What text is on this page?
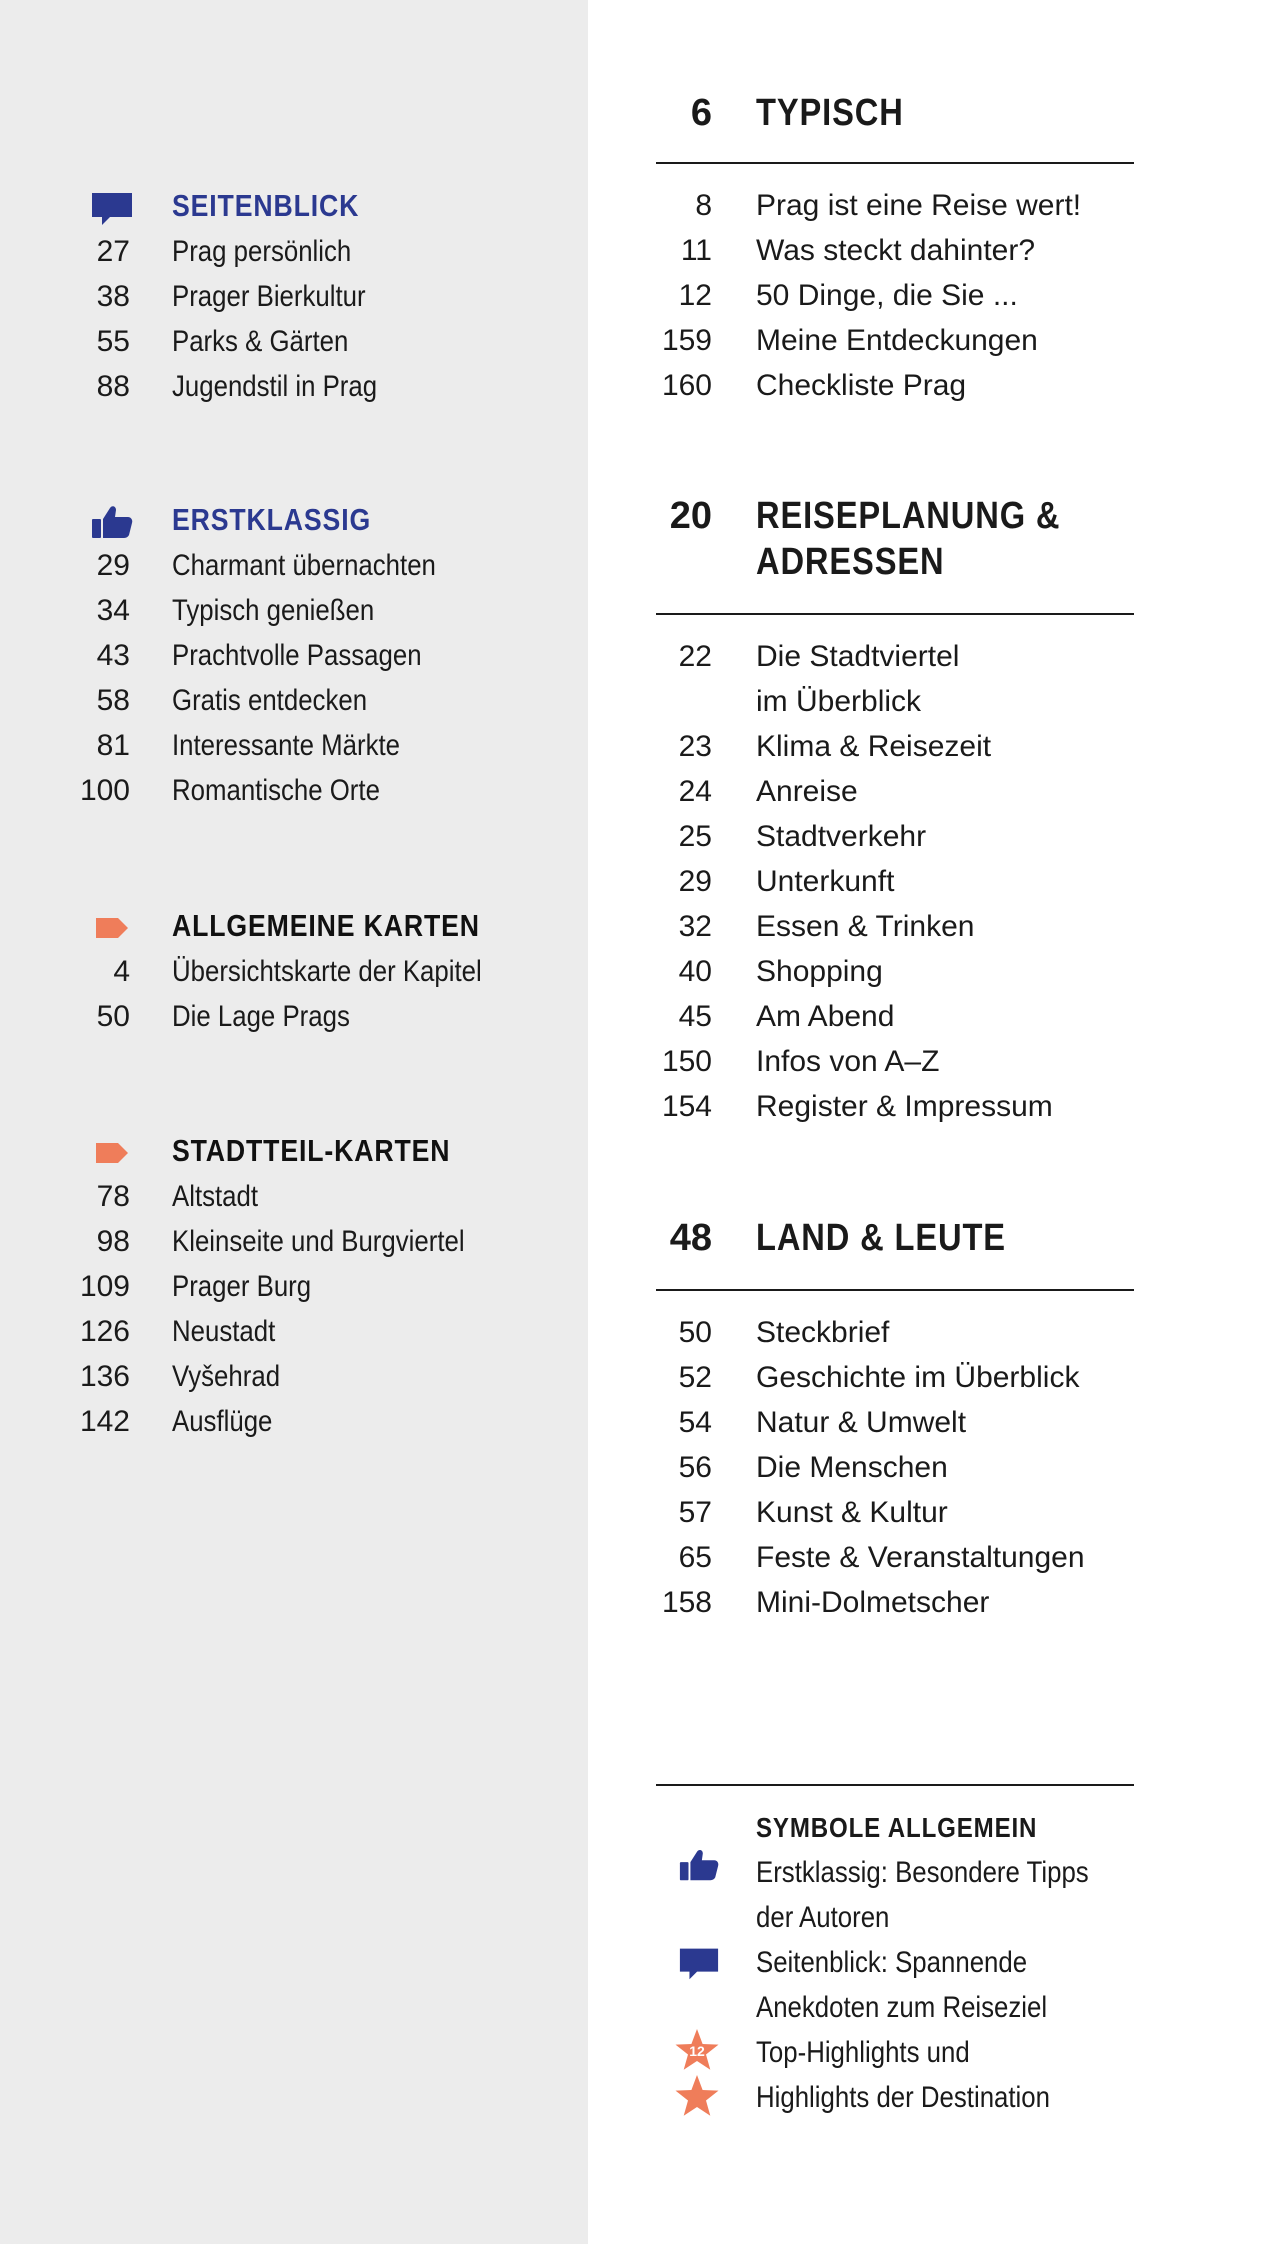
SEITENBLICK
27 Prag persönlich
38 Prager Bierkultur
55 Parks & Gärten
88 Jugendstil in Prag
ERSTKLASSIG
29 Charmant übernachten
34 Typisch genießen
43 Prachtvolle Passagen
58 Gratis entdecken
81 Interessante Märkte
100 Romantische Orte
ALLGEMEINE KARTEN
4 Übersichtskarte der Kapitel
50 Die Lage Prags
STADTTEIL-KARTEN
78 Altstadt
98 Kleinseite und Burgviertel
109 Prager Burg
126 Neustadt
136 Vyšehrad
142 Ausflüge
6 TYPISCH
8 Prag ist eine Reise wert!
11 Was steckt dahinter?
12 50 Dinge, die Sie ...
159 Meine Entdeckungen
160 Checkliste Prag
20 REISEPLANUNG &
ADRESSEN
22 Die Stadtviertel
im Überblick
23 Klima & Reisezeit
24 Anreise
25 Stadtverkehr
29 Unterkunft
32 Essen & Trinken
40 Shopping
45 Am Abend
150 Infos von A–Z
154 Register & Impressum
48 LAND & LEUTE
50 Steckbrief
52 Geschichte im Überblick
54 Natur & Umwelt
56 Die Menschen
57 Kunst & Kultur
65 Feste & Veranstaltungen
158 Mini-Dolmetscher
SYMBOLE ALLGEMEIN
Erstklassig: Besondere Tipps
der Autoren
Seitenblick: Spannende
Anekdoten zum Reiseziel
12 Top-Highlights und
Highlights der Destination
